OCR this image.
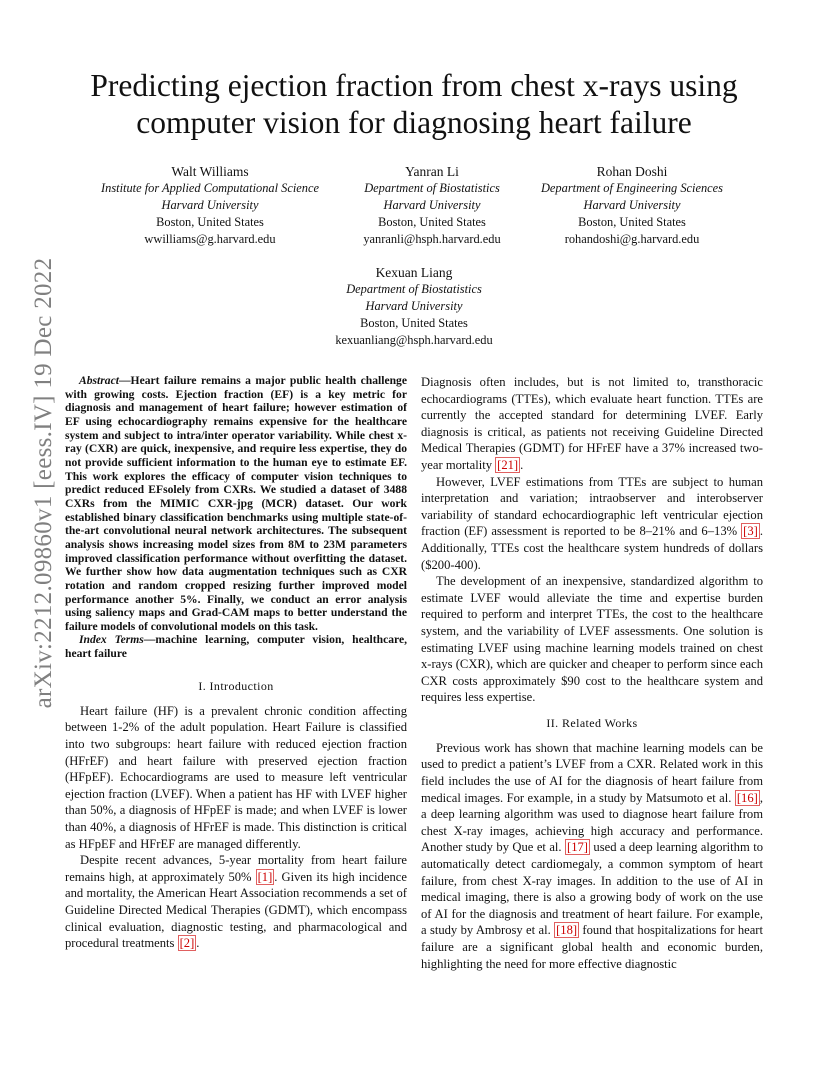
arXiv:2212.09860v1 [eess.IV] 19 Dec 2022
Predicting ejection fraction from chest x-rays using
computer vision for diagnosing heart failure
Walt Williams
Institute for Applied Computational Science
Harvard University
Boston, United States
wwilliams@g.harvard.edu
Yanran Li
Department of Biostatistics
Harvard University
Boston, United States
yanranli@hsph.harvard.edu
Rohan Doshi
Department of Engineering Sciences
Harvard University
Boston, United States
rohandoshi@g.harvard.edu
Kexuan Liang
Department of Biostatistics
Harvard University
Boston, United States
kexuanliang@hsph.harvard.edu

Abstract—Heart failure remains a major public health challenge with growing costs. Ejection fraction (EF) is a key metric for diagnosis and management of heart failure; however estimation of EF using echocardiography remains expensive for the healthcare system and subject to intra/inter operator variability. While chest x-ray (CXR) are quick, inexpensive, and require less expertise, they do not provide sufficient information to the human eye to estimate EF. This work explores the efficacy of computer vision techniques to predict reduced EFsolely from CXRs. We studied a dataset of 3488 CXRs from the MIMIC CXR-jpg (MCR) dataset. Our work established binary classification benchmarks using multiple state-of-the-art convolutional neural network architectures. The subsequent analysis shows increasing model sizes from 8M to 23M parameters improved classification performance without overfitting the dataset. We further show how data augmentation techniques such as CXR rotation and random cropped resizing further improved model performance another 5%. Finally, we conduct an error analysis using saliency maps and Grad-CAM maps to better understand the failure models of convolutional models on this task.

Index Terms—machine learning, computer vision, healthcare, heart failure

I. Introduction

Heart failure (HF) is a prevalent chronic condition affecting between 1-2% of the adult population. Heart Failure is classified into two subgroups: heart failure with reduced ejection fraction (HFrEF) and heart failure with preserved ejection fraction (HFpEF). Echocardiograms are used to measure left ventricular ejection fraction (LVEF). When a patient has HF with LVEF higher than 50%, a diagnosis of HFpEF is made; and when LVEF is lower than 40%, a diagnosis of HFrEF is made. This distinction is critical as HFpEF and HFrEF are managed differently.

Despite recent advances, 5-year mortality from heart failure remains high, at approximately 50% [1] . Given its high incidence and mortality, the American Heart Association recommends a set of Guideline Directed Medical Therapies (GDMT), which encompass clinical evaluation, diagnostic testing, and pharmacological and procedural treatments [2] .

Diagnosis often includes, but is not limited to, transthoracic echocardiograms (TTEs), which evaluate heart function. TTEs are currently the accepted standard for determining LVEF. Early diagnosis is critical, as patients not receiving Guideline Directed Medical Therapies (GDMT) for HFrEF have a 37% increased two-year mortality [21] .

However, LVEF estimations from TTEs are subject to human interpretation and variation; intraobserver and interobserver variability of standard echocardiographic left ventricular ejection fraction (EF) assessment is reported to be 8–21% and 6–13% [3] . Additionally, TTEs cost the healthcare system hundreds of dollars ($200-400).

The development of an inexpensive, standardized algorithm to estimate LVEF would alleviate the time and expertise burden required to perform and interpret TTEs, the cost to the healthcare system, and the variability of LVEF assessments. One solution is estimating LVEF using machine learning models trained on chest x-rays (CXR), which are quicker and cheaper to perform since each CXR costs approximately $90 cost to the healthcare system and requires less expertise.

II. Related Works

Previous work has shown that machine learning models can be used to predict a patient’s LVEF from a CXR. Related work in this field includes the use of AI for the diagnosis of heart failure from medical images. For example, in a study by Matsumoto et al. [16] , a deep learning algorithm was used to diagnose heart failure from chest X-ray images, achieving high accuracy and performance. Another study by Que et al. [17] used a deep learning algorithm to automatically detect cardiomegaly, a common symptom of heart failure, from chest X-ray images. In addition to the use of AI in medical imaging, there is also a growing body of work on the use of AI for the diagnosis and treatment of heart failure. For example, a study by Ambrosy et al. [18] found that hospitalizations for heart failure are a significant global health and economic burden, highlighting the need for more effective diagnostic
